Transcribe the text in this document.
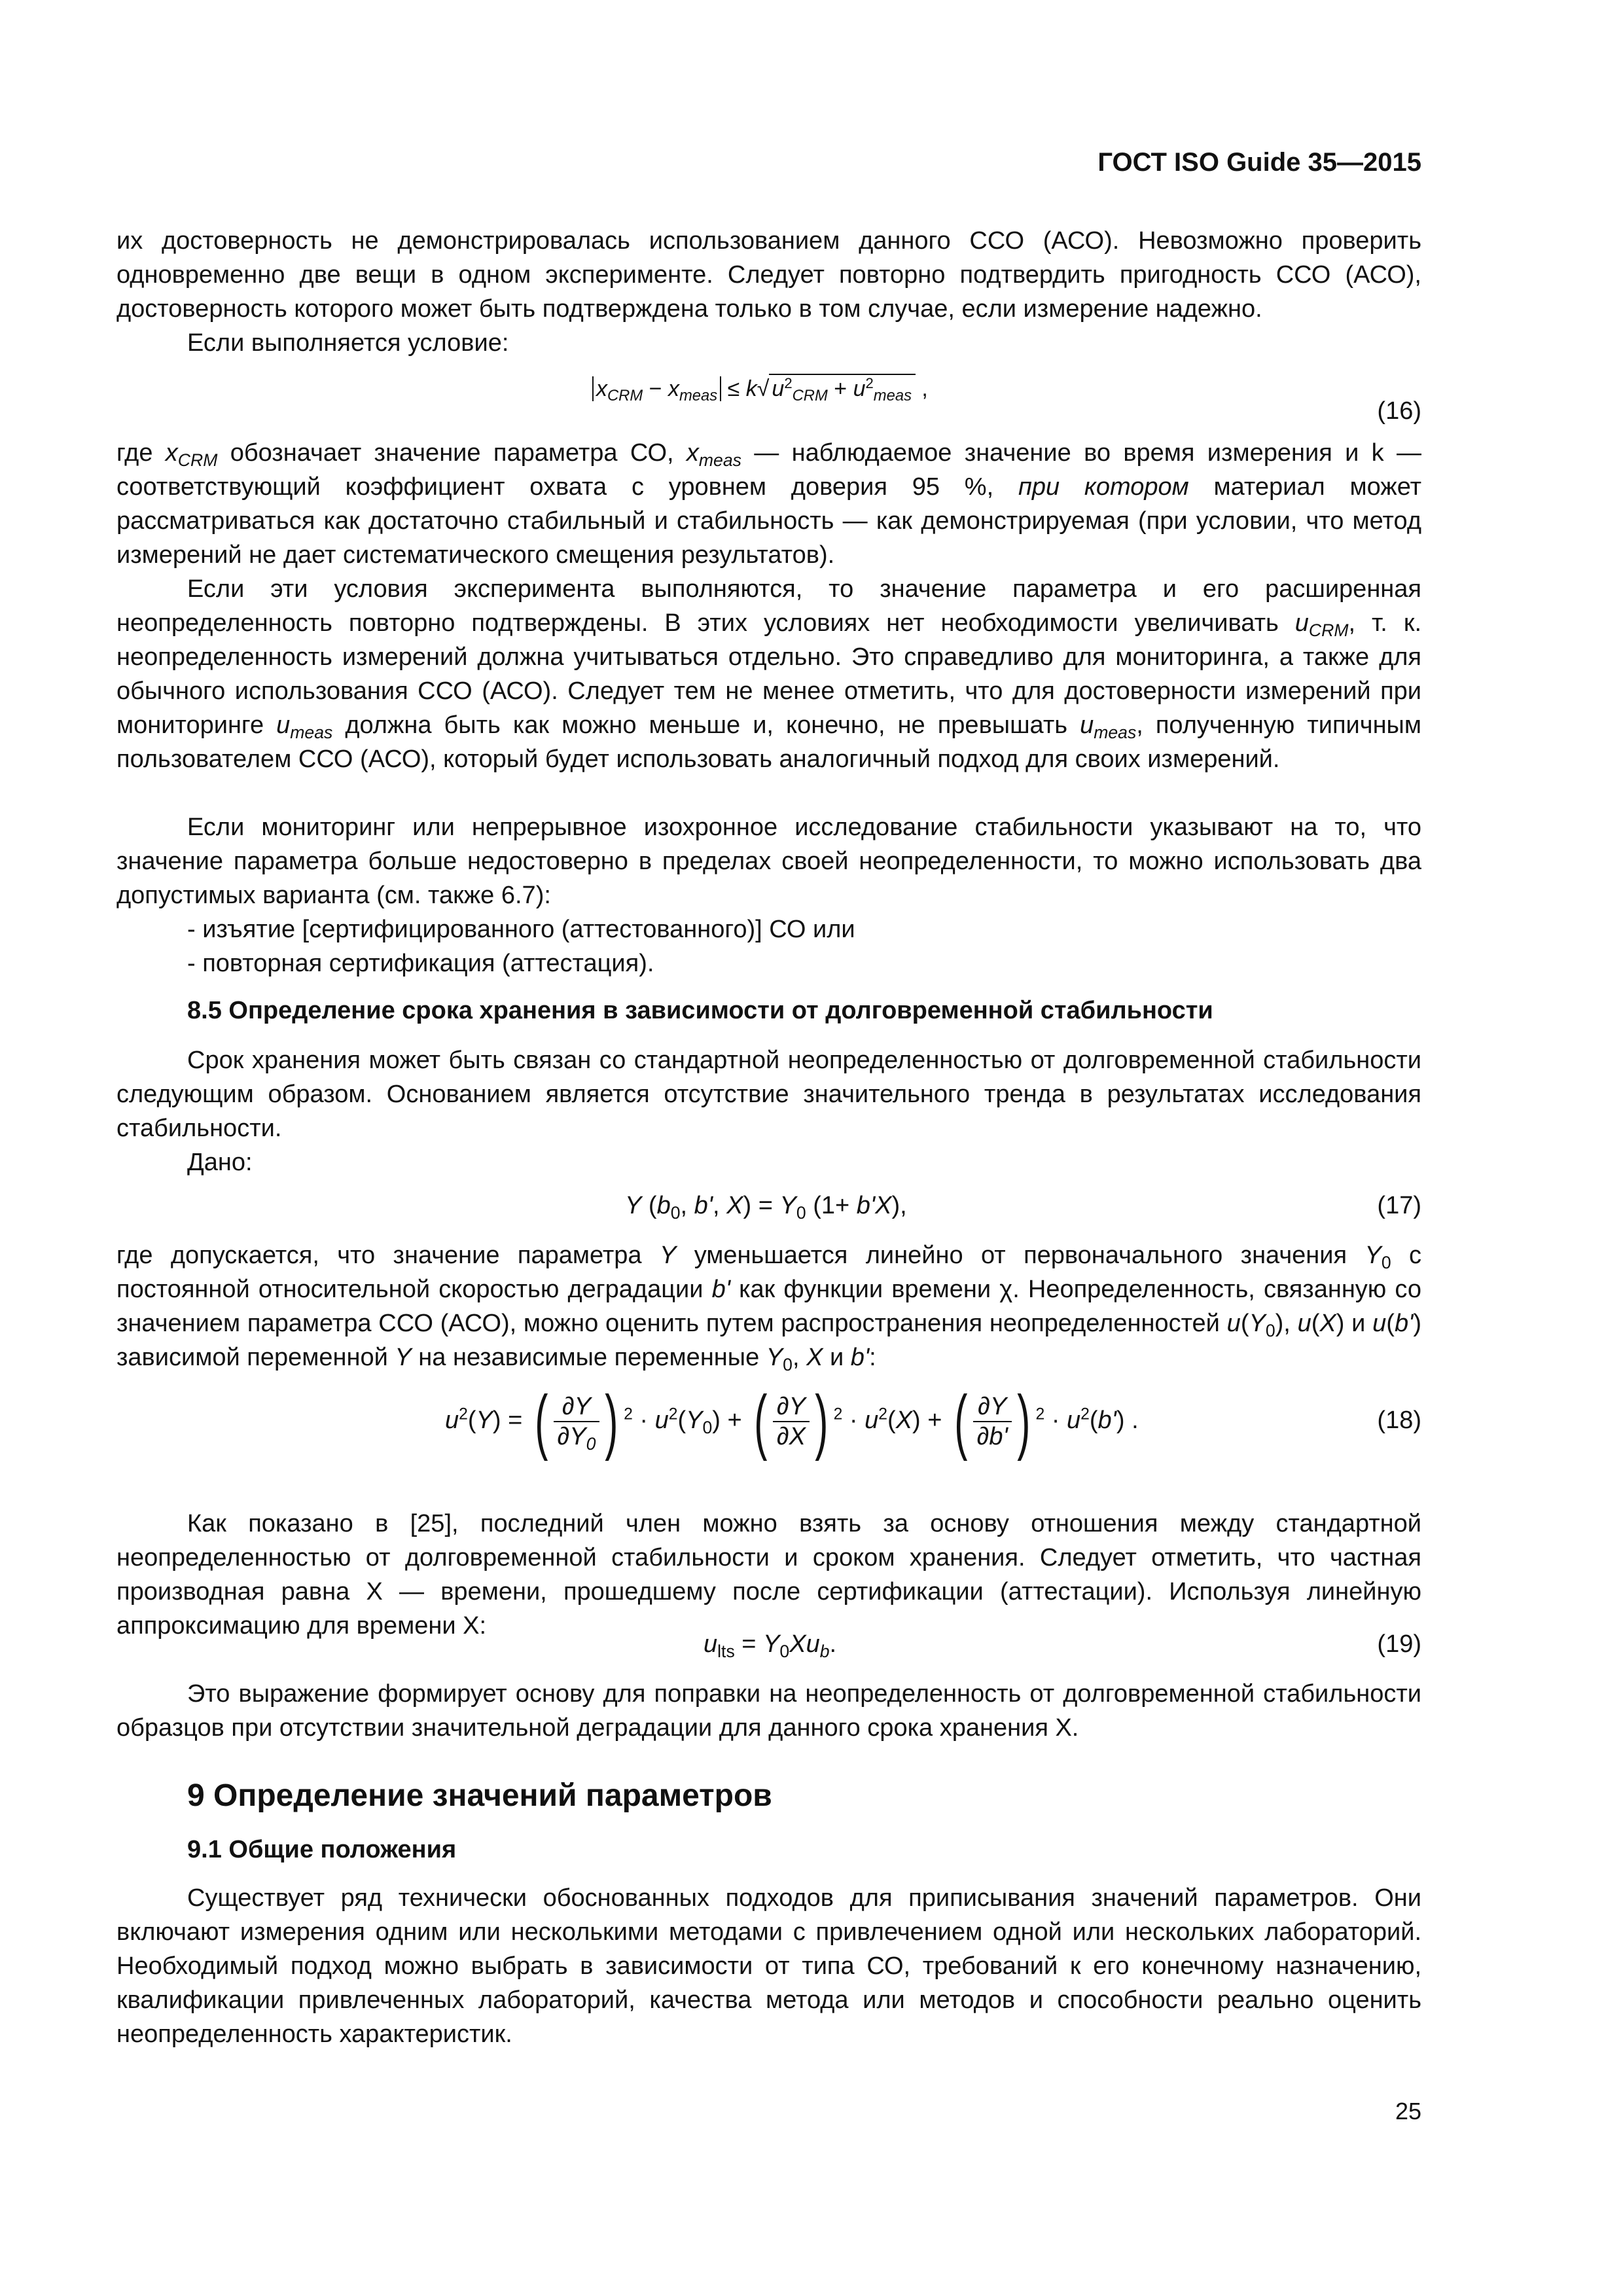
ГОСТ ISO Guide 35—2015
их достоверность не демонстрировалась использованием данного ССО (АСО). Невозможно проверить одновременно две вещи в одном эксперименте. Следует повторно подтвердить пригодность ССО (АСО), достоверность которого может быть подтверждена только в том случае, если измерение надежно.
Если выполняется условие:
$x_{CRM} - x_{meas} \le k√$ $u^2_{CRM} + u^2_{meas}$ ,
(16)
где $x_{CRM}$ обозначает значение параметра СО, $x_{meas}$ — наблюдаемое значение во время измерения и k — соответствующий коэффициент охвата с уровнем доверия 95 %, при котором материал может рассматриваться как достаточно стабильный и стабильность — как демонстрируемая (при условии, что метод измерений не дает систематического смещения результатов).
Если эти условия эксперимента выполняются, то значение параметра и его расширенная неопределенность повторно подтверждены. В этих условиях нет необходимости увеличивать $u_{CRM}$, т. к. неопределенность измерений должна учитываться отдельно. Это справедливо для мониторинга, а также для обычного использования ССО (АСО). Следует тем не менее отметить, что для достоверности измерений при мониторинге $u_{meas}$ должна быть как можно меньше и, конечно, не превышать $u_{meas}$, полученную типичным пользователем ССО (АСО), который будет использовать аналогичный подход для своих измерений.
Если мониторинг или непрерывное изохронное исследование стабильности указывают на то, что значение параметра больше недостоверно в пределах своей неопределенности, то можно использовать два допустимых варианта (см. также 6.7):
- изъятие [сертифицированного (аттестованного)] СО или
- повторная сертификация (аттестация).
8.5 Определение срока хранения в зависимости от долговременной стабильности
Срок хранения может быть связан со стандартной неопределенностью от долговременной стабильности следующим образом. Основанием является отсутствие значительного тренда в результатах исследования стабильности.
Дано:
Y ($b_0$, b', $X) = Y_0$ (1+ b'X),	(17)
где допускается, что значение параметра Y уменьшается линейно от первоначального значения $Y_0$ с постоянной относительной скоростью деградации b' как функции времени χ. Неопределенность, связанную со значением параметра ССО (АСО), можно оценить путем распространения неопределенностей $u(Y_0)$, u(X) и u(b') зависимой переменной Y на независимые переменные $Y_0$, X и b':
$u^2(Y)$ = ( $\frac{\partial Y}{\partial Y_0}$ ) $^2 \cdot u^2(Y_0)$ + ( $\frac{\partial Y}{\partial X}$ ) $^2 \cdot u^2(X)$ + ( $\frac{\partial Y}{\partial b'}$ ) $^2 \cdot u^2(b')$ .	(18)
Как показано в [25], последний член можно взять за основу отношения между стандартной неопределенностью от долговременной стабильности и сроком хранения. Следует отметить, что частная производная равна X — времени, прошедшему после сертификации (аттестации). Используя линейную аппроксимацию для времени X:
$u_{lts} = Y_0Xu_b$.	(19)
Это выражение формирует основу для поправки на неопределенность от долговременной стабильности образцов при отсутствии значительной деградации для данного срока хранения X.
9 Определение значений параметров
9.1 Общие положения
Существует ряд технически обоснованных подходов для приписывания значений параметров. Они включают измерения одним или несколькими методами с привлечением одной или нескольких лабораторий. Необходимый подход можно выбрать в зависимости от типа СО, требований к его конечному назначению, квалификации привлеченных лабораторий, качества метода или методов и способности реально оценить неопределенность характеристик.
25
